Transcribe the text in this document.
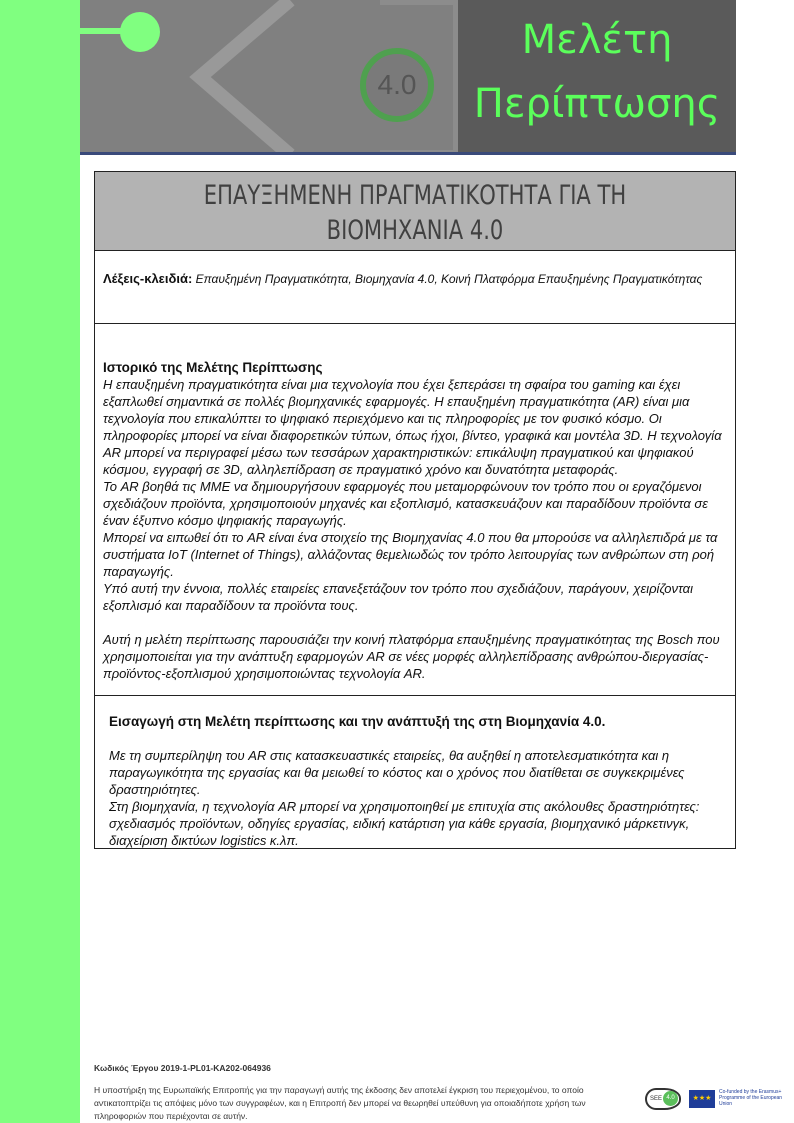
4.0
Μελέτη
Περίπτωσης
ΕΠΑΥΞΗΜΕΝΗ ΠΡΑΓΜΑΤΙΚΟΤΗΤΑ ΓΙΑ ΤΗ
ΒΙΟΜΗΧΑΝΙΑ 4.0
Λέξεις-κλειδιά: Επαυξημένη Πραγματικότητα, Βιομηχανία 4.0, Κοινή Πλατφόρμα Επαυξημένης Πραγματικότητας
Ιστορικό της Μελέτης Περίπτωσης
Η επαυξημένη πραγματικότητα είναι μια τεχνολογία που έχει ξεπεράσει τη σφαίρα του gaming και έχει εξαπλωθεί σημαντικά σε πολλές βιομηχανικές εφαρμογές. Η επαυξημένη πραγματικότητα (AR) είναι μια τεχνολογία που επικαλύπτει το ψηφιακό περιεχόμενο και τις πληροφορίες με τον φυσικό κόσμο. Οι πληροφορίες μπορεί να είναι διαφορετικών τύπων, όπως ήχοι, βίντεο, γραφικά και μοντέλα 3D. Η τεχνολογία AR μπορεί να περιγραφεί μέσω των τεσσάρων χαρακτηριστικών: επικάλυψη πραγματικού και ψηφιακού κόσμου, εγγραφή σε 3D, αλληλεπίδραση σε πραγματικό χρόνο και δυνατότητα μεταφοράς.
Το AR βοηθά τις ΜΜΕ να δημιουργήσουν εφαρμογές που μεταμορφώνουν τον τρόπο που οι εργαζόμενοι σχεδιάζουν προϊόντα, χρησιμοποιούν μηχανές και εξοπλισμό, κατασκευάζουν και παραδίδουν προϊόντα σε έναν έξυπνο κόσμο ψηφιακής παραγωγής.
Μπορεί να ειπωθεί ότι το AR είναι ένα στοιχείο της Βιομηχανίας 4.0 που θα μπορούσε να αλληλεπιδρά με τα συστήματα IoT (Internet of Things), αλλάζοντας θεμελιωδώς τον τρόπο λειτουργίας των ανθρώπων στη ροή παραγωγής.
Υπό αυτή την έννοια, πολλές εταιρείες επανεξετάζουν τον τρόπο που σχεδιάζουν, παράγουν, χειρίζονται εξοπλισμό και παραδίδουν τα προϊόντα τους.
Αυτή η μελέτη περίπτωσης παρουσιάζει την κοινή πλατφόρμα επαυξημένης πραγματικότητας της Bosch που χρησιμοποιείται για την ανάπτυξη εφαρμογών AR σε νέες μορφές αλληλεπίδρασης ανθρώπου-διεργασίας-προϊόντος-εξοπλισμού χρησιμοποιώντας τεχνολογία AR.
Εισαγωγή στη Μελέτη περίπτωσης και την ανάπτυξή της στη Βιομηχανία 4.0.
Με τη συμπερίληψη του AR στις κατασκευαστικές εταιρείες, θα αυξηθεί η αποτελεσματικότητα και η παραγωγικότητα της εργασίας και θα μειωθεί το κόστος και ο χρόνος που διατίθεται σε συγκεκριμένες δραστηριότητες.
Στη βιομηχανία, η τεχνολογία AR μπορεί να χρησιμοποιηθεί με επιτυχία στις ακόλουθες δραστηριότητες: σχεδιασμός προϊόντων, οδηγίες εργασίας, ειδική κατάρτιση για κάθε εργασία, βιομηχανικό μάρκετινγκ, διαχείριση δικτύων logistics κ.λπ.
Κωδικός Έργου 2019-1-PL01-KA202-064936
Η υποστήριξη της Ευρωπαϊκής Επιτροπής για την παραγωγή αυτής της έκδοσης δεν αποτελεί έγκριση του περιεχομένου, το οποίο αντικατοπτρίζει τις απόψεις μόνο των συγγραφέων, και η Επιτροπή δεν μπορεί να θεωρηθεί υπεύθυνη για οποιαδήποτε χρήση των πληροφοριών που περιέχονται σε αυτήν.
SEE 4.0	★★★
Co-funded by the Erasmus+ Programme of the European Union
